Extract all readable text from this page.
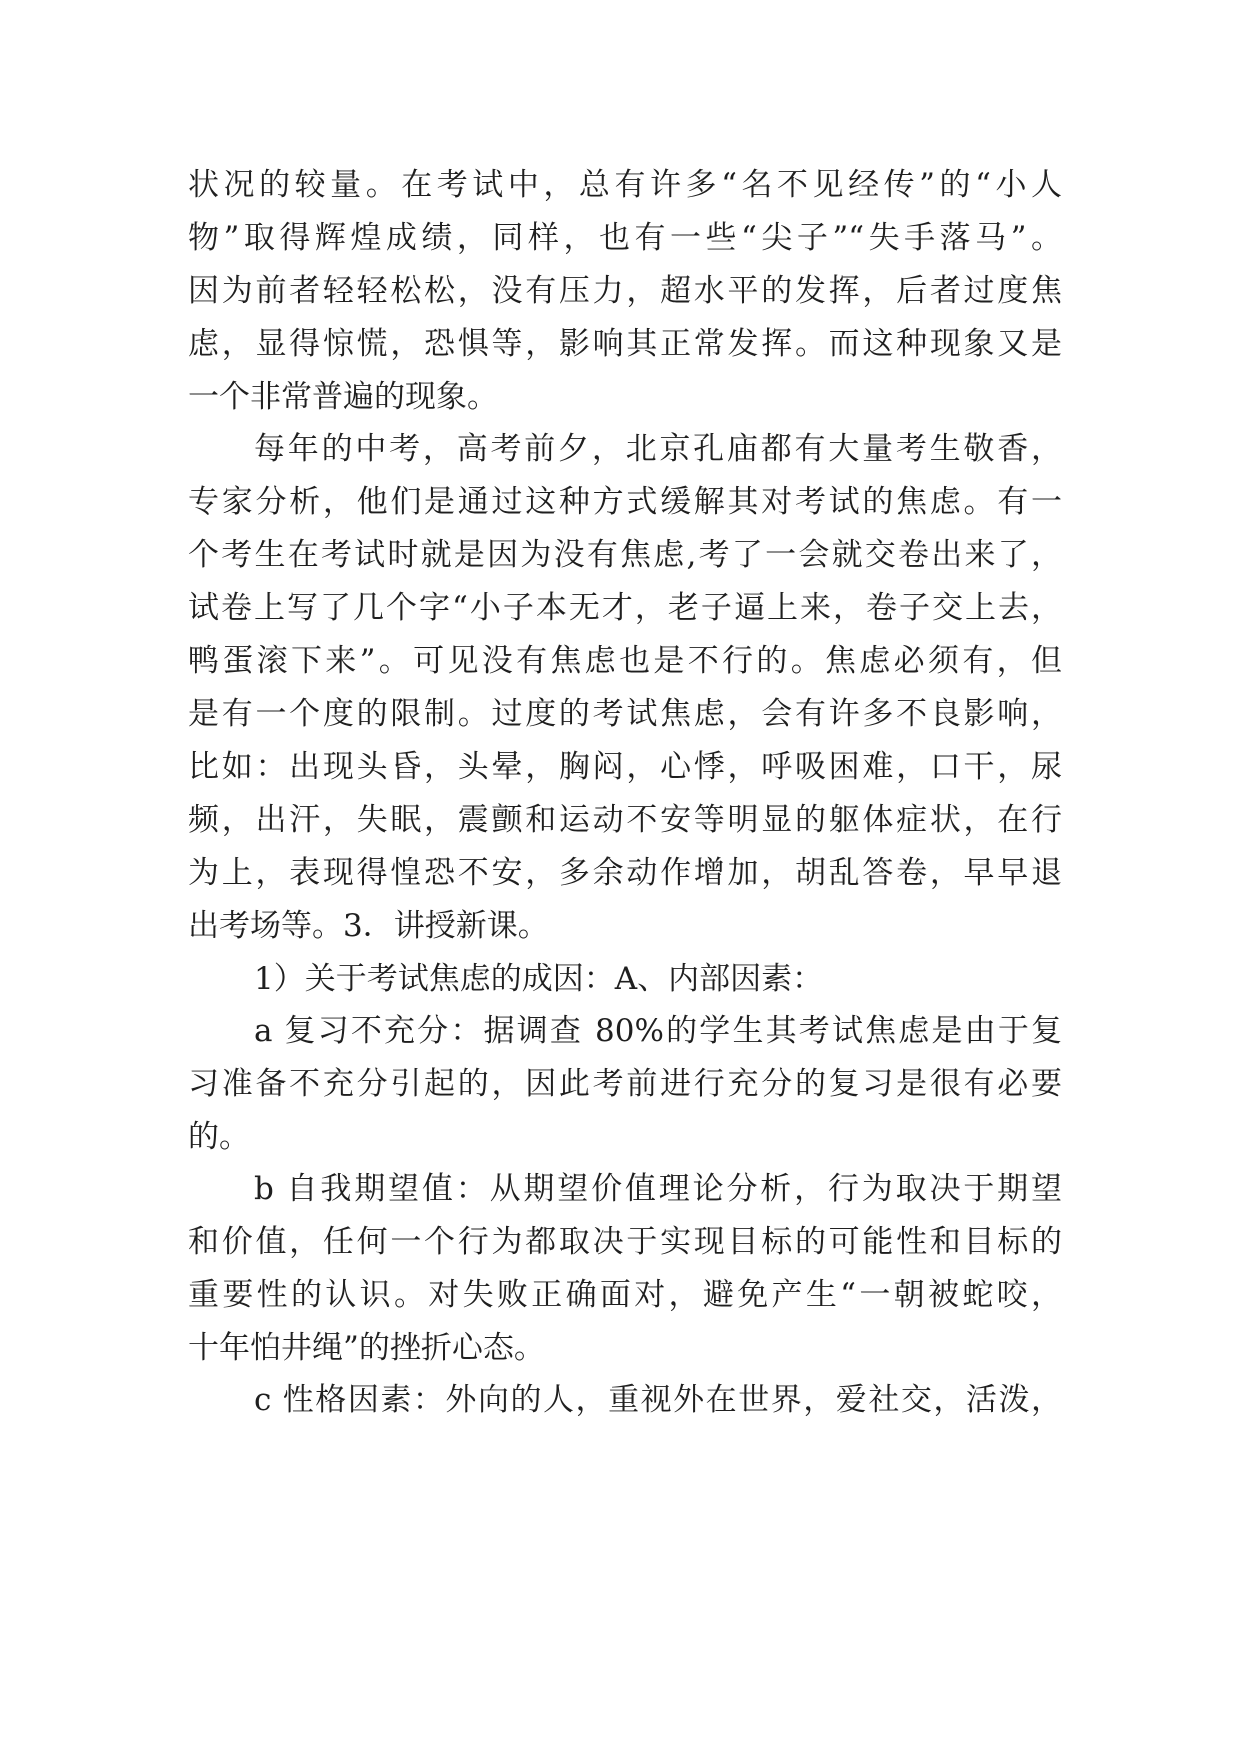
状况的较量。在考试中，总有许多“名不见经传”的“小人
物”取得辉煌成绩，同样，也有一些“尖子”“失手落马”。
因为前者轻轻松松，没有压力，超水平的发挥，后者过度焦
虑，显得惊慌，恐惧等，影响其正常发挥。而这种现象又是
一个非常普遍的现象。
每年的中考，高考前夕，北京孔庙都有大量考生敬香，
专家分析，他们是通过这种方式缓解其对考试的焦虑。有一
个考生在考试时就是因为没有焦虑,考了一会就交卷出来了，
试卷上写了几个字“小子本无才，老子逼上来，卷子交上去，
鸭蛋滚下来”。可见没有焦虑也是不行的。焦虑必须有，但
是有一个度的限制。过度的考试焦虑，会有许多不良影响，
比如：出现头昏，头晕，胸闷，心悸，呼吸困难，口干，尿
频，出汗，失眠，震颤和运动不安等明显的躯体症状，在行
为上，表现得惶恐不安，多余动作增加，胡乱答卷，早早退
出考场等。3．讲授新课。
1）关于考试焦虑的成因：A、内部因素：
a 复习不充分：据调查 80%的学生其考试焦虑是由于复
习准备不充分引起的，因此考前进行充分的复习是很有必要
的。
b 自我期望值：从期望价值理论分析，行为取决于期望
和价值，任何一个行为都取决于实现目标的可能性和目标的
重要性的认识。对失败正确面对，避免产生“一朝被蛇咬，
十年怕井绳”的挫折心态。
c 性格因素：外向的人，重视外在世界，爱社交，活泼，
